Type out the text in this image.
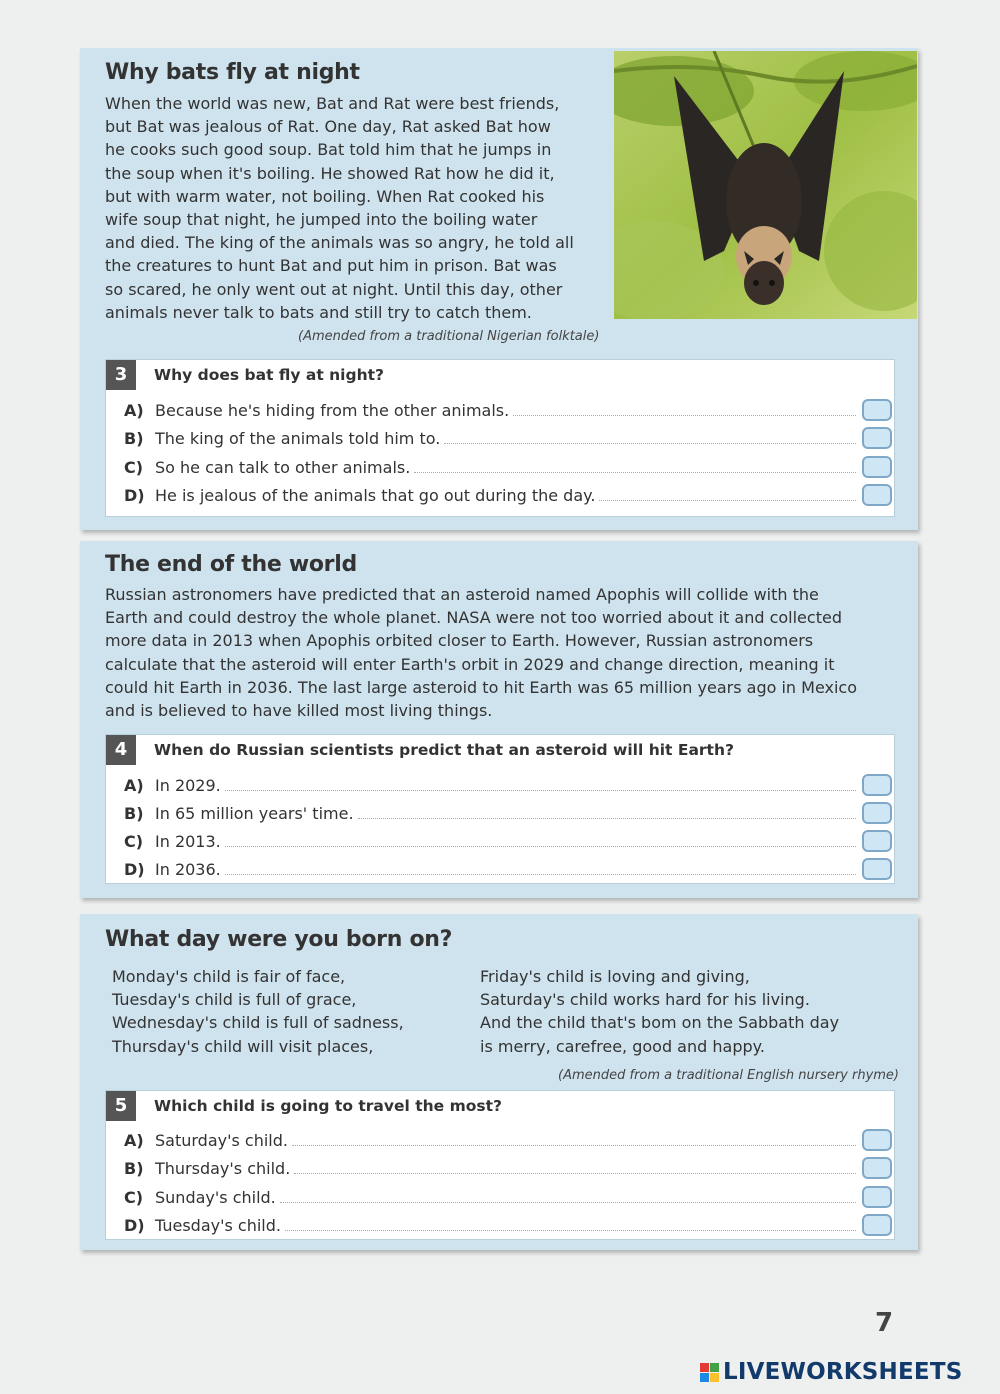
Why bats fly at night
When the world was new, Bat and Rat were best friends,
but Bat was jealous of Rat. One day, Rat asked Bat how
he cooks such good soup. Bat told him that he jumps in
the soup when it's boiling. He showed Rat how he did it,
but with warm water, not boiling. When Rat cooked his
wife soup that night, he jumped into the boiling water
and died. The king of the animals was so angry, he told all
the creatures to hunt Bat and put him in prison. Bat was
so scared, he only went out at night. Until this day, other
animals never talk to bats and still try to catch them.
(Amended from a traditional Nigerian folktale)
3	Why does bat fly at night?
A) Because he's hiding from the other animals.
B) The king of the animals told him to.
C) So he can talk to other animals.
D) He is jealous of the animals that go out during the day.
The end of the world
Russian astronomers have predicted that an asteroid named Apophis will collide with the
Earth and could destroy the whole planet. NASA were not too worried about it and collected
more data in 2013 when Apophis orbited closer to Earth. However, Russian astronomers
calculate that the asteroid will enter Earth's orbit in 2029 and change direction, meaning it
could hit Earth in 2036. The last large asteroid to hit Earth was 65 million years ago in Mexico
and is believed to have killed most living things.
4	When do Russian scientists predict that an asteroid will hit Earth?
A) In 2029.
B) In 65 million years' time.
C) In 2013.
D) In 2036.
What day were you born on?
Monday's child is fair of face,
Tuesday's child is full of grace,
Wednesday's child is full of sadness,
Thursday's child will visit places,
Friday's child is loving and giving,
Saturday's child works hard for his living.
And the child that's bom on the Sabbath day
is merry, carefree, good and happy.
(Amended from a traditional English nursery rhyme)
5	Which child is going to travel the most?
A) Saturday's child.
B) Thursday's child.
C) Sunday's child.
D) Tuesday's child.
7
LIVEWORKSHEETS
